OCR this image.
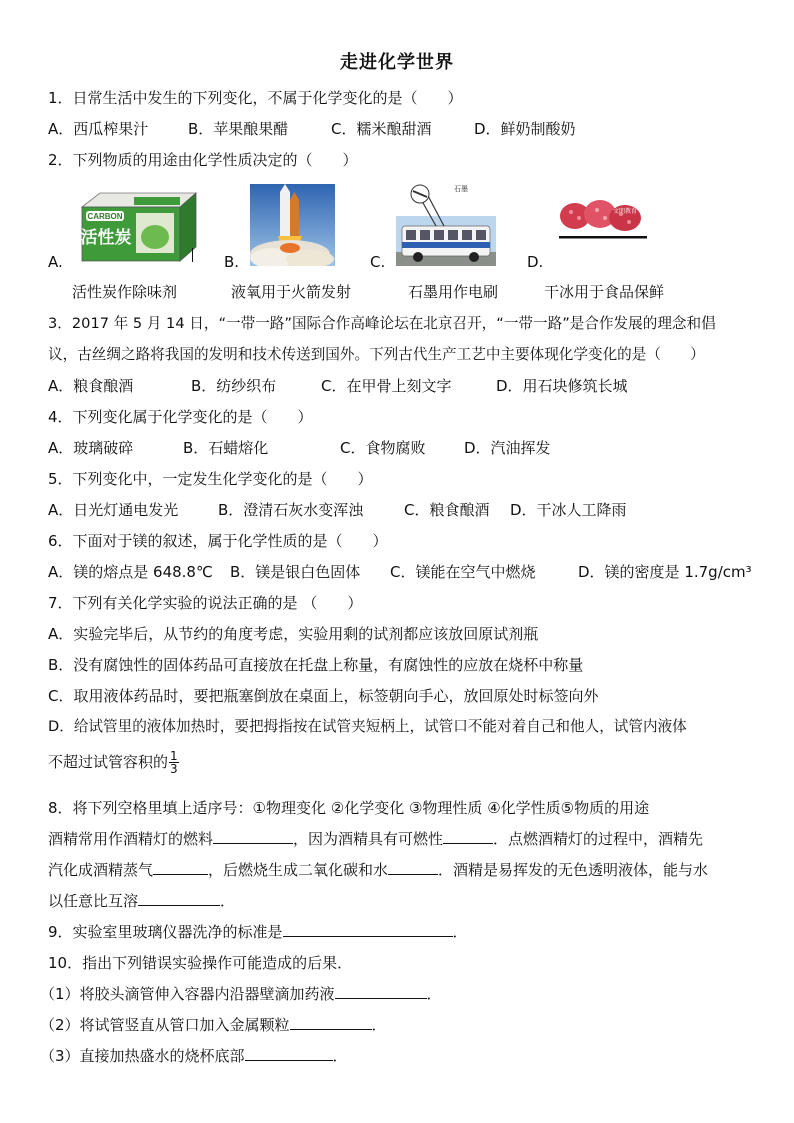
走进化学世界
1．日常生活中发生的下列变化，不属于化学变化的是（　　）
A．西瓜榨果汁	B．苹果酿果醋	C．糯米酿甜酒	D．鲜奶制酸奶
2．下列物质的用途由化学性质决定的（　　）
CARBON
活性炭
石墨
文明教育
A.	B.	C.	D.
活性炭作除味剂	液氧用于火箭发射	石墨用作电刷	干冰用于食品保鲜
3．2017 年 5 月 14 日，“一带一路”国际合作高峰论坛在北京召开，“一带一路”是合作发展的理念和倡
议，古丝绸之路将我国的发明和技术传送到国外。下列古代生产工艺中主要体现化学变化的是（　　）
A．粮食酿酒	B．纺纱织布	C．在甲骨上刻文字	D．用石块修筑长城
4．下列变化属于化学变化的是（　　）
A．玻璃破碎	B．石蜡熔化	C．食物腐败	D．汽油挥发
5．下列变化中，一定发生化学变化的是（　　）
A．日光灯通电发光	B．澄清石灰水变浑浊	C．粮食酿酒 D．干冰人工降雨
6．下面对于镁的叙述，属于化学性质的是（　　）
A．镁的熔点是 648.8℃ B．镁是银白色固体 C．镁能在空气中燃烧	D．镁的密度是 1.7g/cm³
7．下列有关化学实验的说法正确的是 （　　）
A．实验完毕后，从节约的角度考虑，实验用剩的试剂都应该放回原试剂瓶
B．没有腐蚀性的固体药品可直接放在托盘上称量，有腐蚀性的应放在烧杯中称量
C．取用液体药品时，要把瓶塞倒放在桌面上，标签朝向手心，放回原处时标签向外
D．给试管里的液体加热时，要把拇指按在试管夹短柄上，试管口不能对着自己和他人，试管内液体
不超过试管容积的 $\frac{1}{3}$
8．将下列空格里填上适序号：①物理变化 ②化学变化 ③物理性质 ④化学性质⑤物质的用途
酒精常用作酒精灯的燃料	，因为酒精具有可燃性	．点燃酒精灯的过程中，酒精先
汽化成酒精蒸气	，后燃烧生成二氧化碳和水	．酒精是易挥发的无色透明液体，能与水
以任意比互溶	．
9．实验室里玻璃仪器洗净的标准是	．
10．指出下列错误实验操作可能造成的后果．
（1）将胶头滴管伸入容器内沿器壁滴加药液	．
（2）将试管竖直从管口加入金属颗粒	．
（3）直接加热盛水的烧杯底部	．
